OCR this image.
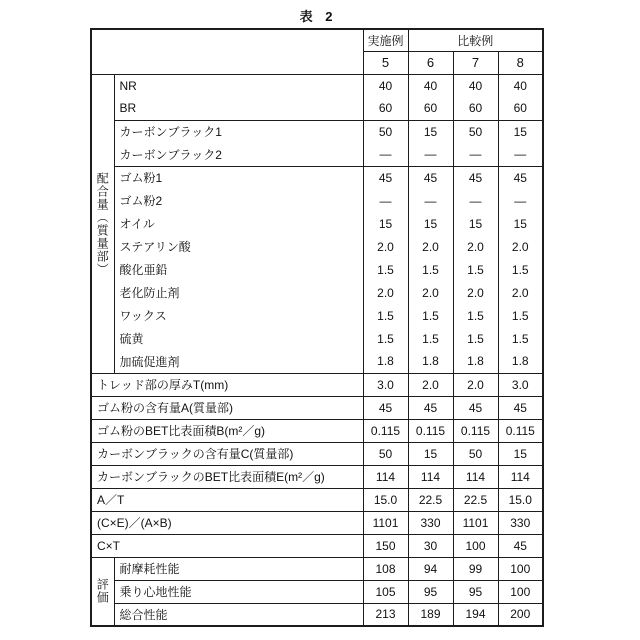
表 2
		実施例	比較例		
		5	6	7	8
配合量（質量部）	NR	40	40	40	40
	BR	60	60	60	60
	カーボンブラック1	50	15	50	15
	カーボンブラック2	—	—	—	—
	ゴム粉1	45	45	45	45
	ゴム粉2	—	—	—	—
	オイル	15	15	15	15
	ステアリン酸	2.0	2.0	2.0	2.0
	酸化亜鉛	1.5	1.5	1.5	1.5
	老化防止剤	2.0	2.0	2.0	2.0
	ワックス	1.5	1.5	1.5	1.5
	硫黄	1.5	1.5	1.5	1.5
	加硫促進剤	1.8	1.8	1.8	1.8
トレッド部の厚みT(mm)		3.0	2.0	2.0	3.0
ゴム粉の含有量A(質量部)		45	45	45	45
ゴム粉のBET比表面積B(m²／g)		0.115	0.115	0.115	0.115
カーボンブラックの含有量C(質量部)		50	15	50	15
カーボンブラックのBET比表面積E(m²／g)		114	114	114	114
A／T		15.0	22.5	22.5	15.0
(C×E)／(A×B)		1101	330	1101	330
C×T		150	30	100	45
評価	耐摩耗性能	108	94	99	100
	乗り心地性能	105	95	95	100
	総合性能	213	189	194	200
